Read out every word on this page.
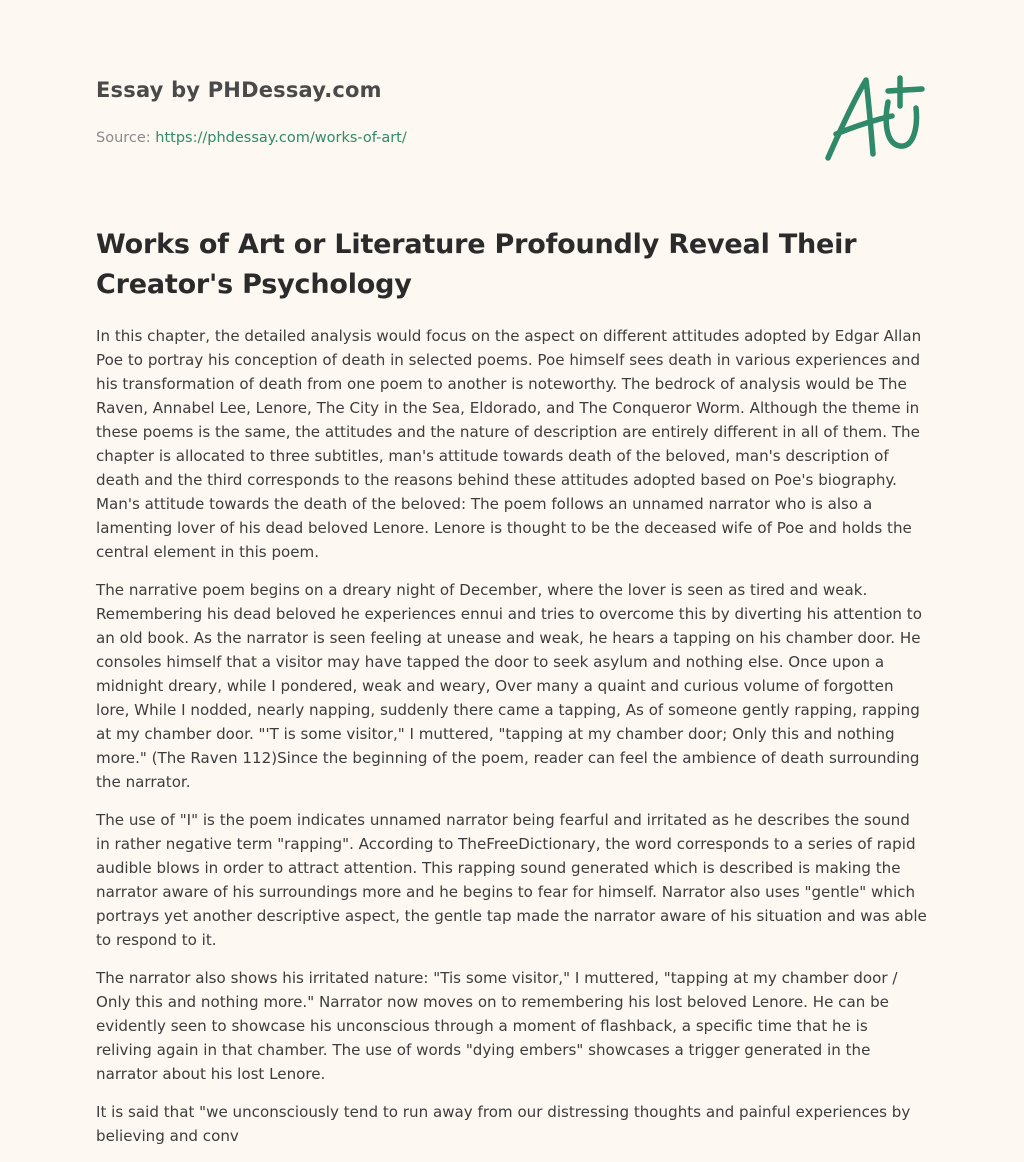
Essay by PHDessay.com
Source: https://phdessay.com/works-of-art/
Works of Art or Literature Profoundly Reveal Their Creator's Psychology

In this chapter, the detailed analysis would focus on the aspect on different attitudes adopted by Edgar Allan Poe to portray his conception of death in selected poems. Poe himself sees death in various experiences and his transformation of death from one poem to another is noteworthy. The bedrock of analysis would be The Raven, Annabel Lee, Lenore, The City in the Sea, Eldorado, and The Conqueror Worm. Although the theme in these poems is the same, the attitudes and the nature of description are entirely different in all of them. The chapter is allocated to three subtitles, man's attitude towards death of the beloved, man's description of death and the third corresponds to the reasons behind these attitudes adopted based on Poe's biography. Man's attitude towards the death of the beloved: The poem follows an unnamed narrator who is also a lamenting lover of his dead beloved Lenore. Lenore is thought to be the deceased wife of Poe and holds the central element in this poem.

The narrative poem begins on a dreary night of December, where the lover is seen as tired and weak. Remembering his dead beloved he experiences ennui and tries to overcome this by diverting his attention to an old book. As the narrator is seen feeling at unease and weak, he hears a tapping on his chamber door. He consoles himself that a visitor may have tapped the door to seek asylum and nothing else. Once upon a midnight dreary, while I pondered, weak and weary, Over many a quaint and curious volume of forgotten lore, While I nodded, nearly napping, suddenly there came a tapping, As of someone gently rapping, rapping at my chamber door. "'T is some visitor," I muttered, "tapping at my chamber door; Only this and nothing more." (The Raven 112)Since the beginning of the poem, reader can feel the ambience of death surrounding the narrator.

The use of "I" is the poem indicates unnamed narrator being fearful and irritated as he describes the sound in rather negative term "rapping". According to TheFreeDictionary, the word corresponds to a series of rapid audible blows in order to attract attention. This rapping sound generated which is described is making the narrator aware of his surroundings more and he begins to fear for himself. Narrator also uses "gentle" which portrays yet another descriptive aspect, the gentle tap made the narrator aware of his situation and was able to respond to it.

The narrator also shows his irritated nature: "Tis some visitor," I muttered, "tapping at my chamber door / Only this and nothing more." Narrator now moves on to remembering his lost beloved Lenore. He can be evidently seen to showcase his unconscious through a moment of flashback, a specific time that he is reliving again in that chamber. The use of words "dying embers" showcases a trigger generated in the narrator about his lost Lenore.

It is said that "we unconsciously tend to run away from our distressing thoughts and painful experiences by believing and conv
